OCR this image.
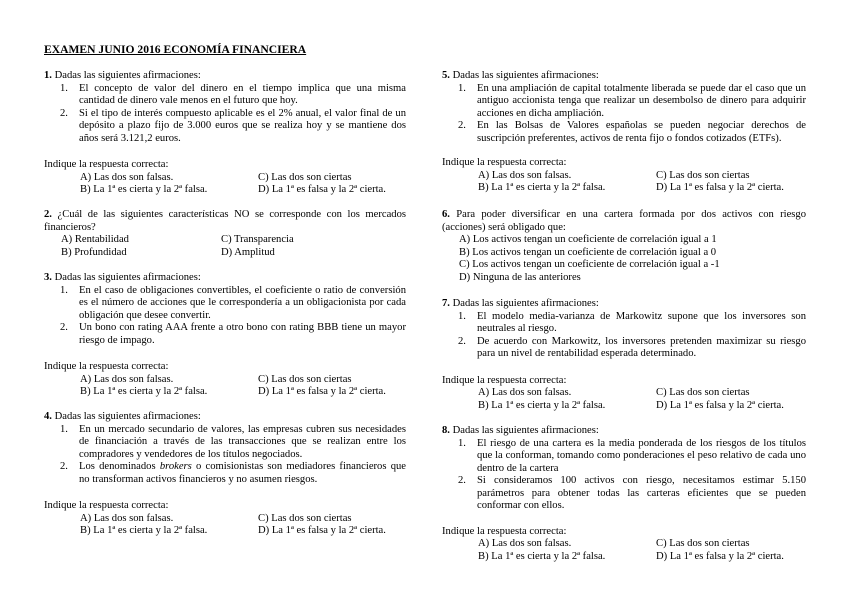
EXAMEN JUNIO 2016 ECONOMÍA FINANCIERA
1. Dadas las siguientes afirmaciones:
1.	El concepto de valor del dinero en el tiempo implica que una misma cantidad de dinero vale menos en el futuro que hoy.
2.	Si el tipo de interés compuesto aplicable es el 2% anual, el valor final de un depósito a plazo fijo de 3.000 euros que se realiza hoy y se mantiene dos años será 3.121,2 euros.
Indique la respuesta correcta:
A) Las dos son falsas.	C) Las dos son ciertas
B) La 1ª es cierta y la 2ª falsa.	D) La 1ª es falsa y la 2ª cierta.
2. ¿Cuál de las siguientes características NO se corresponde con los mercados financieros?
A) Rentabilidad	C) Transparencia
B) Profundidad	D) Amplitud
3. Dadas las siguientes afirmaciones:
1.	En el caso de obligaciones convertibles, el coeficiente o ratio de conversión es el número de acciones que le correspondería a un obligacionista por cada obligación que desee convertir.
2.	Un bono con rating AAA frente a otro bono con rating BBB tiene un mayor riesgo de impago.
Indique la respuesta correcta:
A) Las dos son falsas.	C) Las dos son ciertas
B) La 1ª es cierta y la 2ª falsa.	D) La 1ª es falsa y la 2ª cierta.
4. Dadas las siguientes afirmaciones:
1.	En un mercado secundario de valores, las empresas cubren sus necesidades de financiación a través de las transacciones que se realizan entre los compradores y vendedores de los títulos negociados.
2.	Los denominados brokers o comisionistas son mediadores financieros que no transforman activos financieros y no asumen riesgos.
Indique la respuesta correcta:
A) Las dos son falsas.	C) Las dos son ciertas
B) La 1ª es cierta y la 2ª falsa.	D) La 1ª es falsa y la 2ª cierta.
5. Dadas las siguientes afirmaciones:
1.	En una ampliación de capital totalmente liberada se puede dar el caso que un antiguo accionista tenga que realizar un desembolso de dinero para adquirir acciones en dicha ampliación.
2.	En las Bolsas de Valores españolas se pueden negociar derechos de suscripción preferentes, activos de renta fijo o fondos cotizados (ETFs).
Indique la respuesta correcta:
A) Las dos son falsas.	C) Las dos son ciertas
B) La 1ª es cierta y la 2ª falsa.	D) La 1ª es falsa y la 2ª cierta.
6. Para poder diversificar en una cartera formada por dos activos con riesgo (acciones) será obligado que:
A) Los activos tengan un coeficiente de correlación igual a 1
B) Los activos tengan un coeficiente de correlación igual a 0
C) Los activos tengan un coeficiente de correlación igual a -1
D) Ninguna de las anteriores
7. Dadas las siguientes afirmaciones:
1.	El modelo media-varianza de Markowitz supone que los inversores son neutrales al riesgo.
2.	De acuerdo con Markowitz, los inversores pretenden maximizar su riesgo para un nivel de rentabilidad esperada determinado.
Indique la respuesta correcta:
A) Las dos son falsas.	C) Las dos son ciertas
B) La 1ª es cierta y la 2ª falsa.	D) La 1ª es falsa y la 2ª cierta.
8. Dadas las siguientes afirmaciones:
1.	El riesgo de una cartera es la media ponderada de los riesgos de los títulos que la conforman, tomando como ponderaciones el peso relativo de cada uno dentro de la cartera
2.	Si consideramos 100 activos con riesgo, necesitamos estimar 5.150 parámetros para obtener todas las carteras eficientes que se pueden conformar con ellos.
Indique la respuesta correcta:
A) Las dos son falsas.	C) Las dos son ciertas
B) La 1ª es cierta y la 2ª falsa.	D) La 1ª es falsa y la 2ª cierta.
